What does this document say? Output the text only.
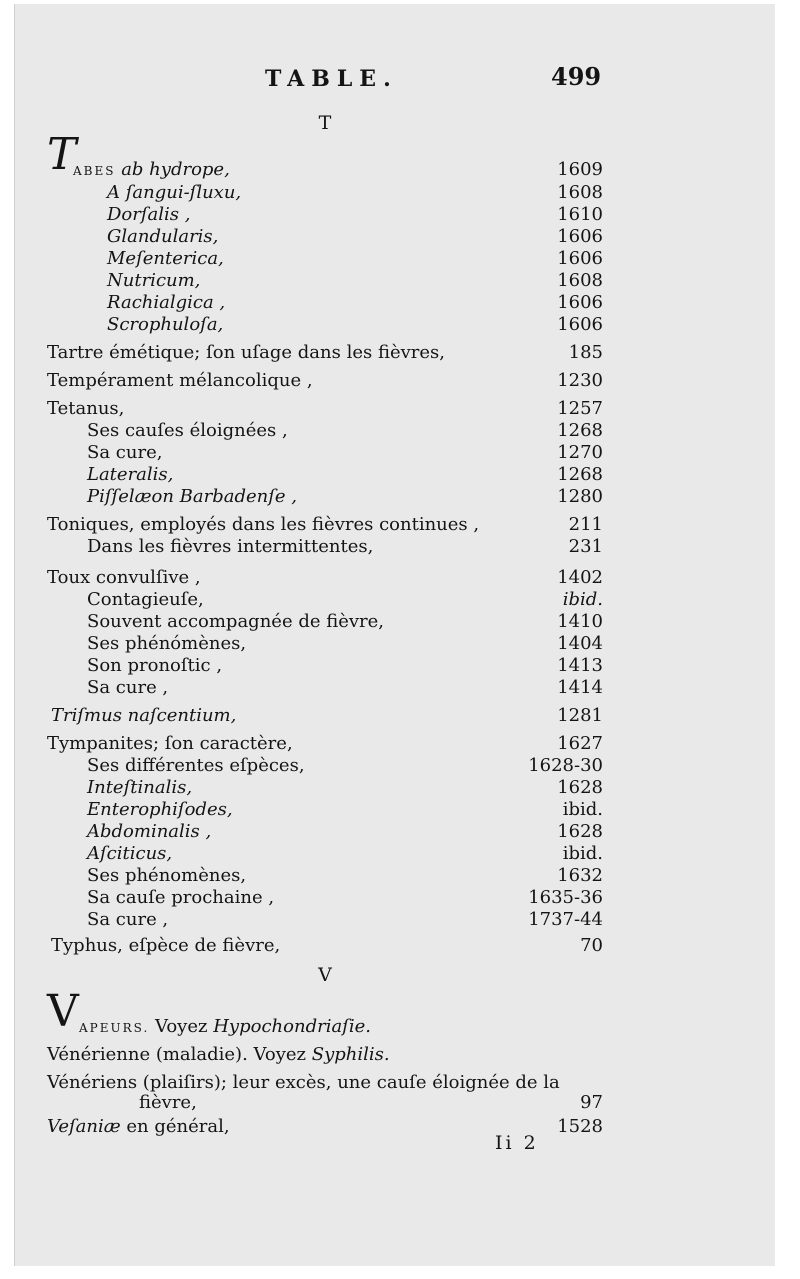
TABLE.	499
T
T
ABES ab hydrope,	1609
A ſangui-ſluxu,	1608
Dorſalis ,	1610
Glandularis,	1606
Meſenterica,	1606
Nutricum,	1608
Rachialgica ,	1606
Scrophuloſa,	1606
Tartre émétique; ſon uſage dans les fièvres,	185
Tempérament mélancolique ,	1230
Tetanus,	1257
Ses cauſes éloignées ,	1268
Sa cure,	1270
Lateralis,	1268
Piſſelæon Barbadenſe ,	1280
Toniques, employés dans les fièvres continues ,	211
Dans les fièvres intermittentes,	231
Toux convulſive ,	1402
Contagieuſe,	ibid.
Souvent accompagnée de fièvre,	1410
Ses phénómènes,	1404
Son pronoſtic ,	1413
Sa cure ,	1414
Triſmus naſcentium,	1281
Tympanites; ſon caractère,	1627
Ses différentes eſpèces,	1628-30
Inteſtinalis,	1628
Enterophiſodes,	ibid.
Abdominalis ,	1628
Aſciticus,	ibid.
Ses phénomènes,	1632
Sa cauſe prochaine ,	1635-36
Sa cure ,	1737-44
Typhus, eſpèce de fièvre,	70
V
V APEURS. Voyez Hypochondriaſie.
Vénérienne (maladie). Voyez Syphilis.
Vénériens (plaiſirs); leur excès, une cauſe éloignée de la
fièvre,	97
Veſaniæ en général,	1528
Ii 2
